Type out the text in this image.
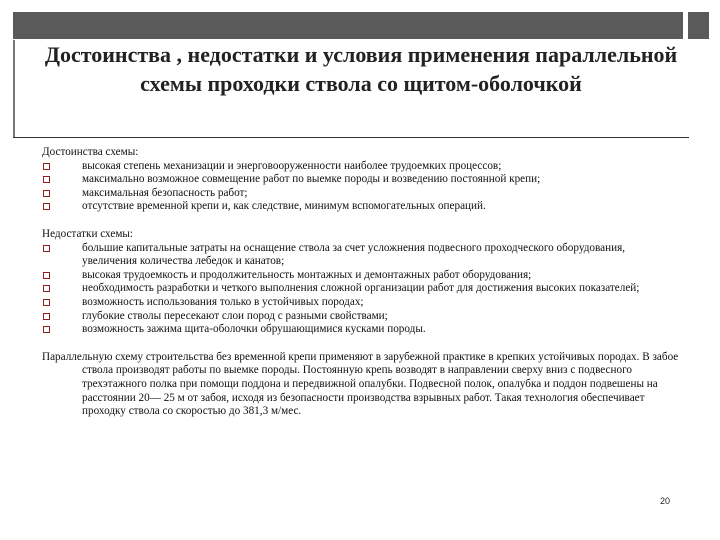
Достоинства , недостатки и условия применения параллельной схемы проходки ствола со щитом-оболочкой
Достоинства схемы:
высокая степень механизации и энерговооруженности наиболее трудоемких процессов;
максимально возможное совмещение работ по выемке породы и возведению постоянной крепи;
максимальная безопасность работ;
отсутствие временной крепи и, как следствие, минимум вспомогательных операций.
Недостатки схемы:
большие капитальные затраты на оснащение ствола за счет усложнения подвесного проходческого оборудования, увеличения количества лебедок и канатов;
высокая трудоемкость и продолжительность монтажных и демонтажных работ оборудования;
необходимость разработки и четкого выполнения сложной организации работ для достижения высоких показателей;
возможность использования только в устойчивых породах;
глубокие стволы пересекают слои пород с разными свойствами;
возможность зажима щита-оболочки обрушающимися кусками породы.

Параллельную схему строительства без временной крепи применяют в зарубежной практике в крепких устойчивых породах. В забое ствола производят работы по выемке породы. Постоянную крепь возводят в направлении сверху вниз с подвесного трехэтажного полка при помощи поддона и передвижной опалубки. Подвесной полок, опалубка и поддон подвешены на расстоянии 20— 25 м от забоя, исходя из безопасности производства взрывных работ. Такая технология обеспечивает проходку ствола со скоростью до 381,3 м/мес.

20
